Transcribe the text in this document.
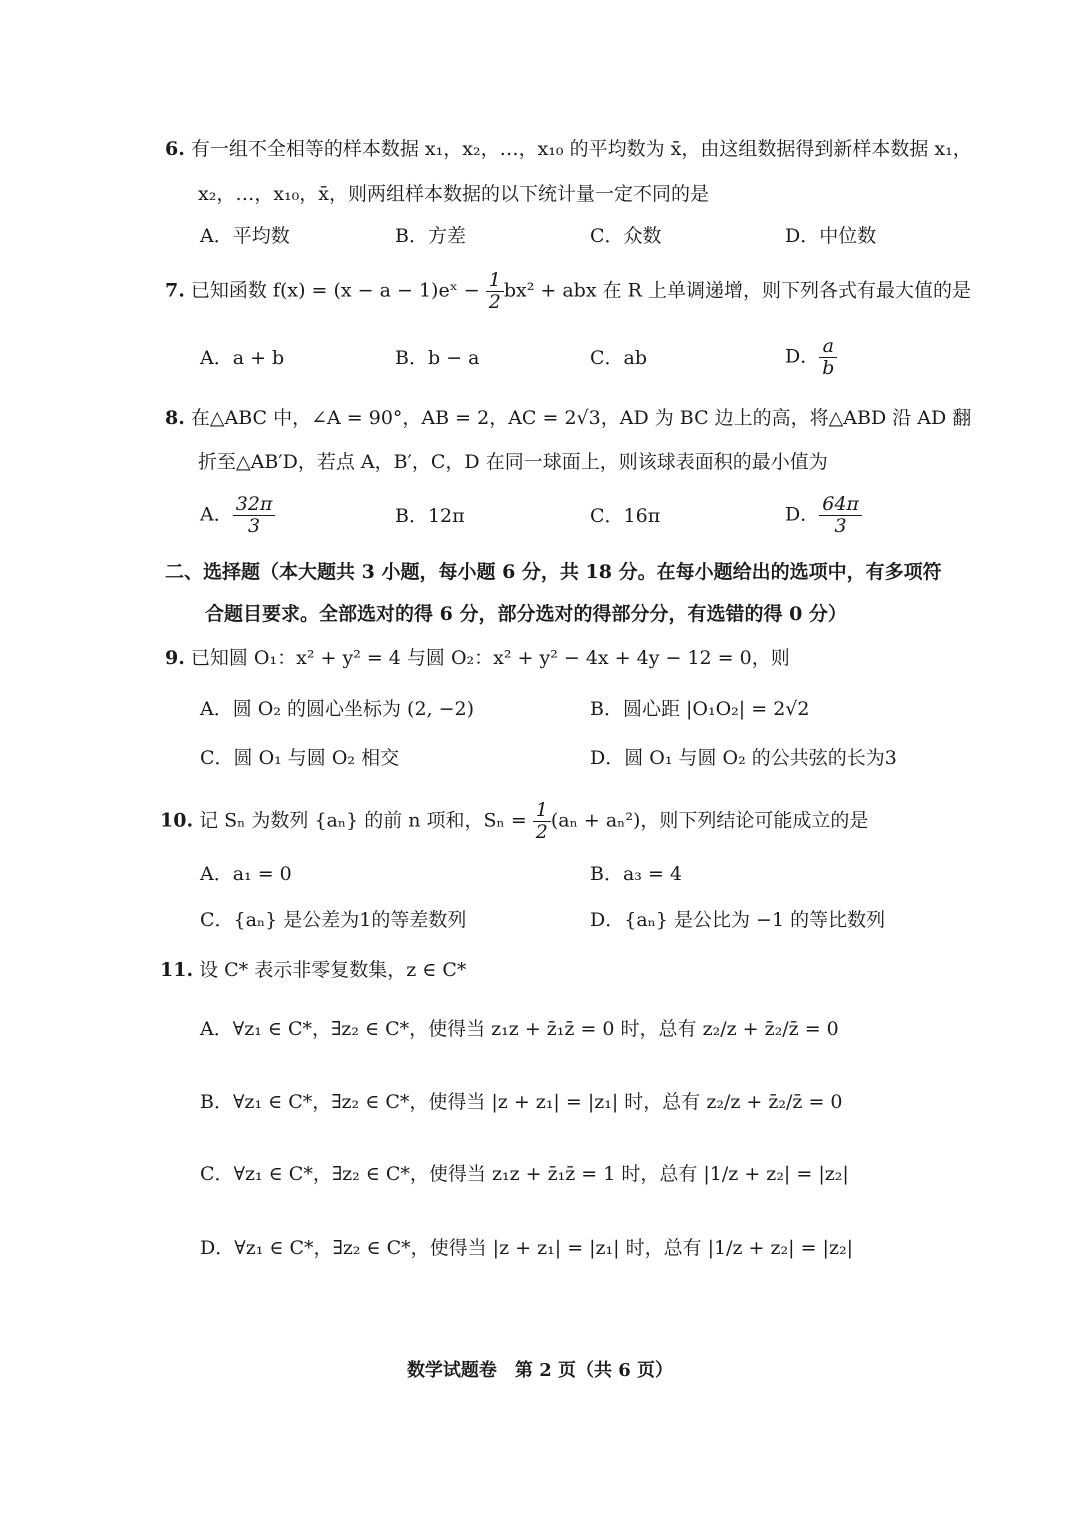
6. 有一组不全相等的样本数据 x₁，x₂，…，x₁₀ 的平均数为 x̄，由这组数据得到新样本数据 x₁，
x₂，…，x₁₀，x̄，则两组样本数据的以下统计量一定不同的是
A．平均数	B．方差	C．众数	D．中位数
7. 已知函数 f(x) = (x − a − 1)eˣ − $\frac{1}{2} bx^2$ + abx 在 R 上单调递增，则下列各式有最大值的是
A．a + b	B．b − a	C．ab	D． $\frac{a}{b}$
8. 在△ABC 中，∠A = 90°，AB = 2，AC = 2√3，AD 为 BC 边上的高，将△ABD 沿 AD 翻
折至△AB′D，若点 A，B′，C，D 在同一球面上，则该球表面积的最小值为
A． $\frac{32\pi}{3}$	B．12π	C．16π	D． $\frac{64\pi}{3}$
二、选择题（本大题共 3 小题，每小题 6 分，共 18 分。在每小题给出的选项中，有多项符
合题目要求。全部选对的得 6 分，部分选对的得部分分，有选错的得 0 分）
9. 已知圆 O₁：x² + y² = 4 与圆 O₂：x² + y² − 4x + 4y − 12 = 0，则
A．圆 O₂ 的圆心坐标为 (2, −2)	B．圆心距 |O₁O₂| = 2√2
C．圆 O₁ 与圆 O₂ 相交	D．圆 O₁ 与圆 O₂ 的公共弦的长为3
10. 记 Sₙ 为数列 {aₙ} 的前 n 项和，$S_n = \frac{1}{2} (a_n + a_n^2)$，则下列结论可能成立的是
A．a₁ = 0	B．a₃ = 4
C．{aₙ} 是公差为1的等差数列	D．{aₙ} 是公比为 −1 的等比数列
11. 设 C* 表示非零复数集，z ∈ C*
A．∀z₁ ∈ C*，∃z₂ ∈ C*，使得当 z₁z + z̄₁z̄ = 0 时，总有 z₂/z + z̄₂/z̄ = 0
B．∀z₁ ∈ C*，∃z₂ ∈ C*，使得当 |z + z₁| = |z₁| 时，总有 z₂/z + z̄₂/z̄ = 0
C．∀z₁ ∈ C*，∃z₂ ∈ C*，使得当 z₁z + z̄₁z̄ = 1 时，总有 |1/z + z₂| = |z₂|
D．∀z₁ ∈ C*，∃z₂ ∈ C*，使得当 |z + z₁| = |z₁| 时，总有 |1/z + z₂| = |z₂|
数学试题卷　第 2 页（共 6 页）
